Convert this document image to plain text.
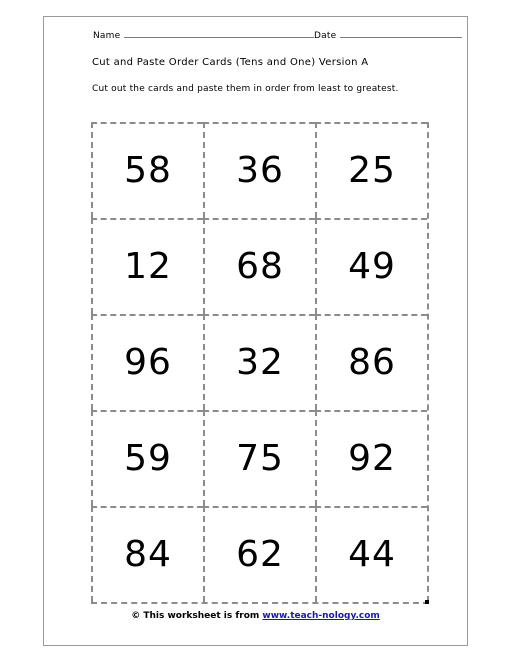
Name	Date
Cut and Paste Order Cards (Tens and One) Version A
Cut out the cards and paste them in order from least to greatest.
44
62
84
92
75
59
86
32
96
49
68
12
25
36
58
© This worksheet is from www.teach-nology.com
